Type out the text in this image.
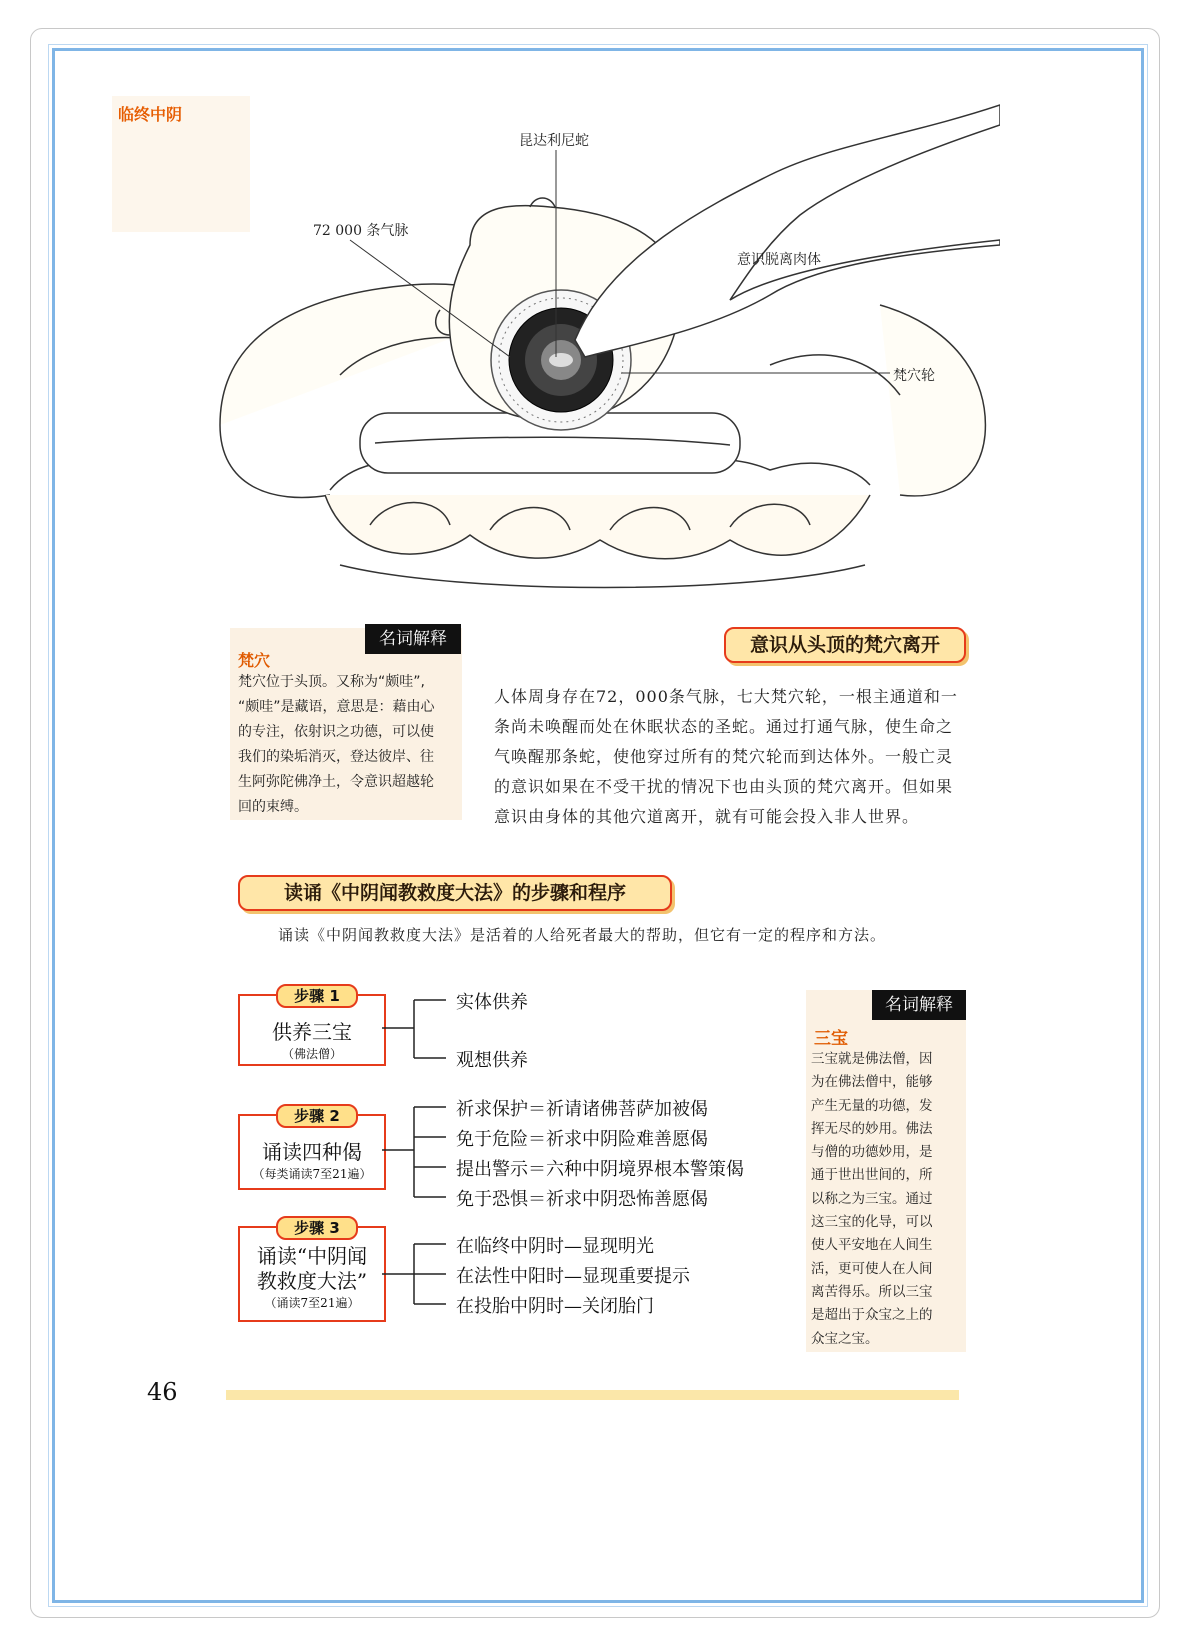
临终中阴
昆达利尼蛇
72 000 条气脉
意识脱离肉体
梵穴轮
名词解释
梵穴
梵穴位于头顶。又称为“颇哇”,
“颇哇”是藏语，意思是：藉由心
的专注，依射识之功德，可以使
我们的染垢消灭，登达彼岸、往
生阿弥陀佛净土，令意识超越轮
回的束缚。
意识从头顶的梵穴离开
人体周身存在72，000条气脉，七大梵穴轮，一根主通道和一
条尚未唤醒而处在休眠状态的圣蛇。通过打通气脉，使生命之
气唤醒那条蛇，使他穿过所有的梵穴轮而到达体外。一般亡灵
的意识如果在不受干扰的情况下也由头顶的梵穴离开。但如果
意识由身体的其他穴道离开，就有可能会投入非人世界。
读诵《中阴闻教救度大法》的步骤和程序
诵读《中阴闻教救度大法》是活着的人给死者最大的帮助，但它有一定的程序和方法。
供养三宝
（佛法僧）
步骤 1
诵读四种偈
（每类诵读7至21遍）
步骤 2
诵读“中阴闻
教救度大法”
（诵读7至21遍）
步骤 3
实体供养
观想供养
祈求保护＝祈请诸佛菩萨加被偈
免于危险＝祈求中阴险难善愿偈
提出警示＝六种中阴境界根本警策偈
免于恐惧＝祈求中阴恐怖善愿偈
在临终中阴时—显现明光
在法性中阳时—显现重要提示
在投胎中阴时—关闭胎门
名词解释
三宝
三宝就是佛法僧，因
为在佛法僧中，能够
产生无量的功德，发
挥无尽的妙用。佛法
与僧的功德妙用，是
通于世出世间的，所
以称之为三宝。通过
这三宝的化导，可以
使人平安地在人间生
活，更可使人在人间
离苦得乐。所以三宝
是超出于众宝之上的
众宝之宝。
46
